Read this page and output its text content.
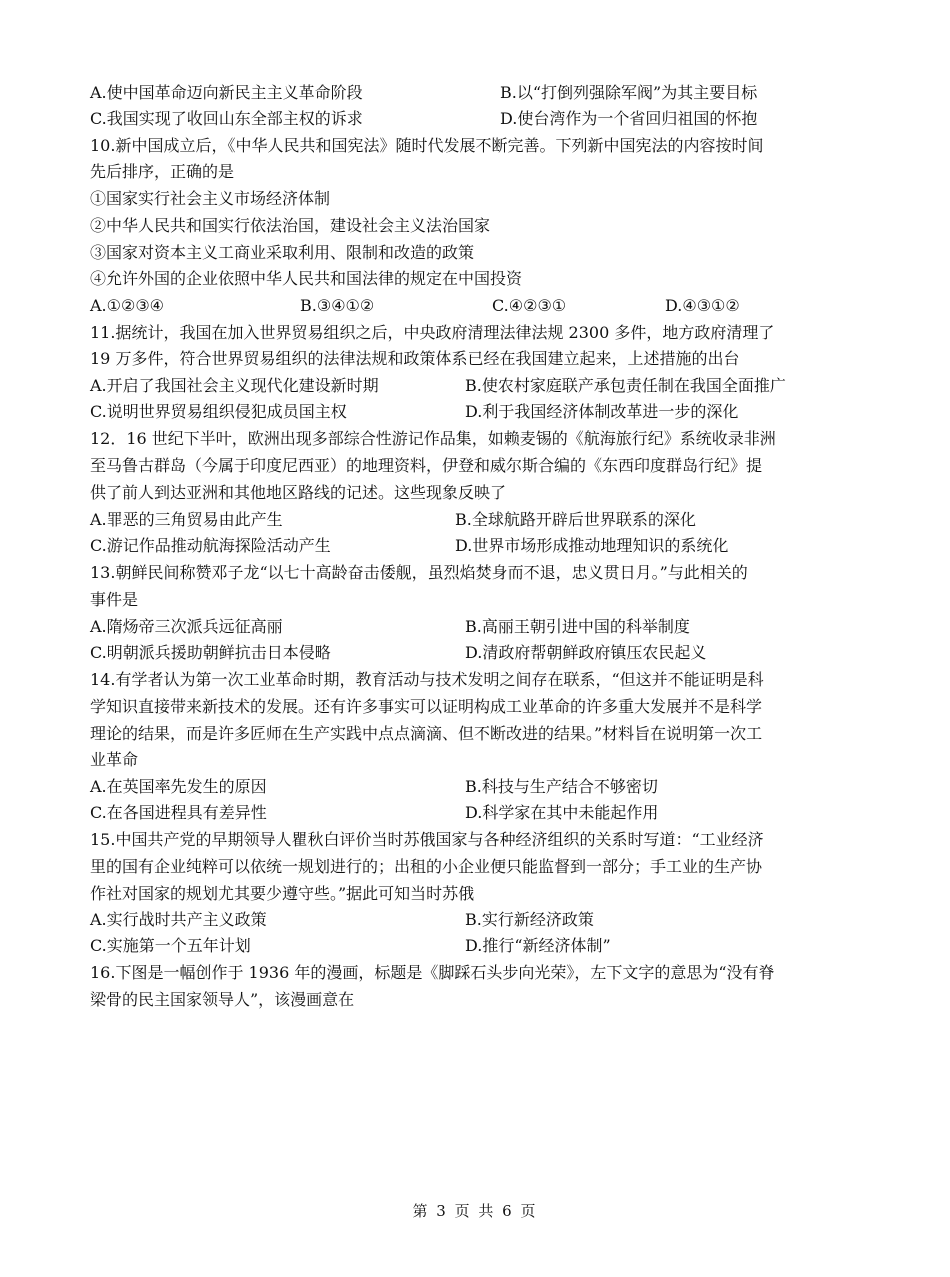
A.使中国革命迈向新民主主义革命阶段	B.以“打倒列强除军阀”为其主要目标
C.我国实现了收回山东全部主权的诉求	D.使台湾作为一个省回归祖国的怀抱
10.新中国成立后，《中华人民共和国宪法》随时代发展不断完善。下列新中国宪法的内容按时间
先后排序，正确的是
①国家实行社会主义市场经济体制
②中华人民共和国实行依法治国，建设社会主义法治国家
③国家对资本主义工商业采取利用、限制和改造的政策
④允许外国的企业依照中华人民共和国法律的规定在中国投资
A.①②③④	B.③④①②	C.④②③①	D.④③①②
11.据统计，我国在加入世界贸易组织之后，中央政府清理法律法规 2300 多件，地方政府清理了
19 万多件，符合世界贸易组织的法律法规和政策体系已经在我国建立起来，上述措施的出台
A.开启了我国社会主义现代化建设新时期	B.使农村家庭联产承包责任制在我国全面推广
C.说明世界贸易组织侵犯成员国主权	D.利于我国经济体制改革进一步的深化
12．16 世纪下半叶，欧洲出现多部综合性游记作品集，如赖麦锡的《航海旅行纪》系统收录非洲
至马鲁古群岛（今属于印度尼西亚）的地理资料，伊登和威尔斯合编的《东西印度群岛行纪》提
供了前人到达亚洲和其他地区路线的记述。这些现象反映了
A.罪恶的三角贸易由此产生	B.全球航路开辟后世界联系的深化
C.游记作品推动航海探险活动产生	D.世界市场形成推动地理知识的系统化
13.朝鲜民间称赞邓子龙“以七十高龄奋击倭舰，虽烈焰焚身而不退，忠义贯日月。”与此相关的
事件是
A.隋炀帝三次派兵远征高丽	B.高丽王朝引进中国的科举制度
C.明朝派兵援助朝鲜抗击日本侵略	D.清政府帮朝鲜政府镇压农民起义
14.有学者认为第一次工业革命时期，教育活动与技术发明之间存在联系，“但这并不能证明是科
学知识直接带来新技术的发展。还有许多事实可以证明构成工业革命的许多重大发展并不是科学
理论的结果，而是许多匠师在生产实践中点点滴滴、但不断改进的结果。”材料旨在说明第一次工
业革命
A.在英国率先发生的原因	B.科技与生产结合不够密切
C.在各国进程具有差异性	D.科学家在其中未能起作用
15.中国共产党的早期领导人瞿秋白评价当时苏俄国家与各种经济组织的关系时写道：“工业经济
里的国有企业纯粹可以依统一规划进行的；出租的小企业便只能监督到一部分；手工业的生产协
作社对国家的规划尤其要少遵守些。”据此可知当时苏俄
A.实行战时共产主义政策	B.实行新经济政策
C.实施第一个五年计划	D.推行“新经济体制”
16.下图是一幅创作于 1936 年的漫画，标题是《脚踩石头步向光荣》，左下文字的意思为“没有脊
梁骨的民主国家领导人”，该漫画意在
第 3 页 共 6 页
